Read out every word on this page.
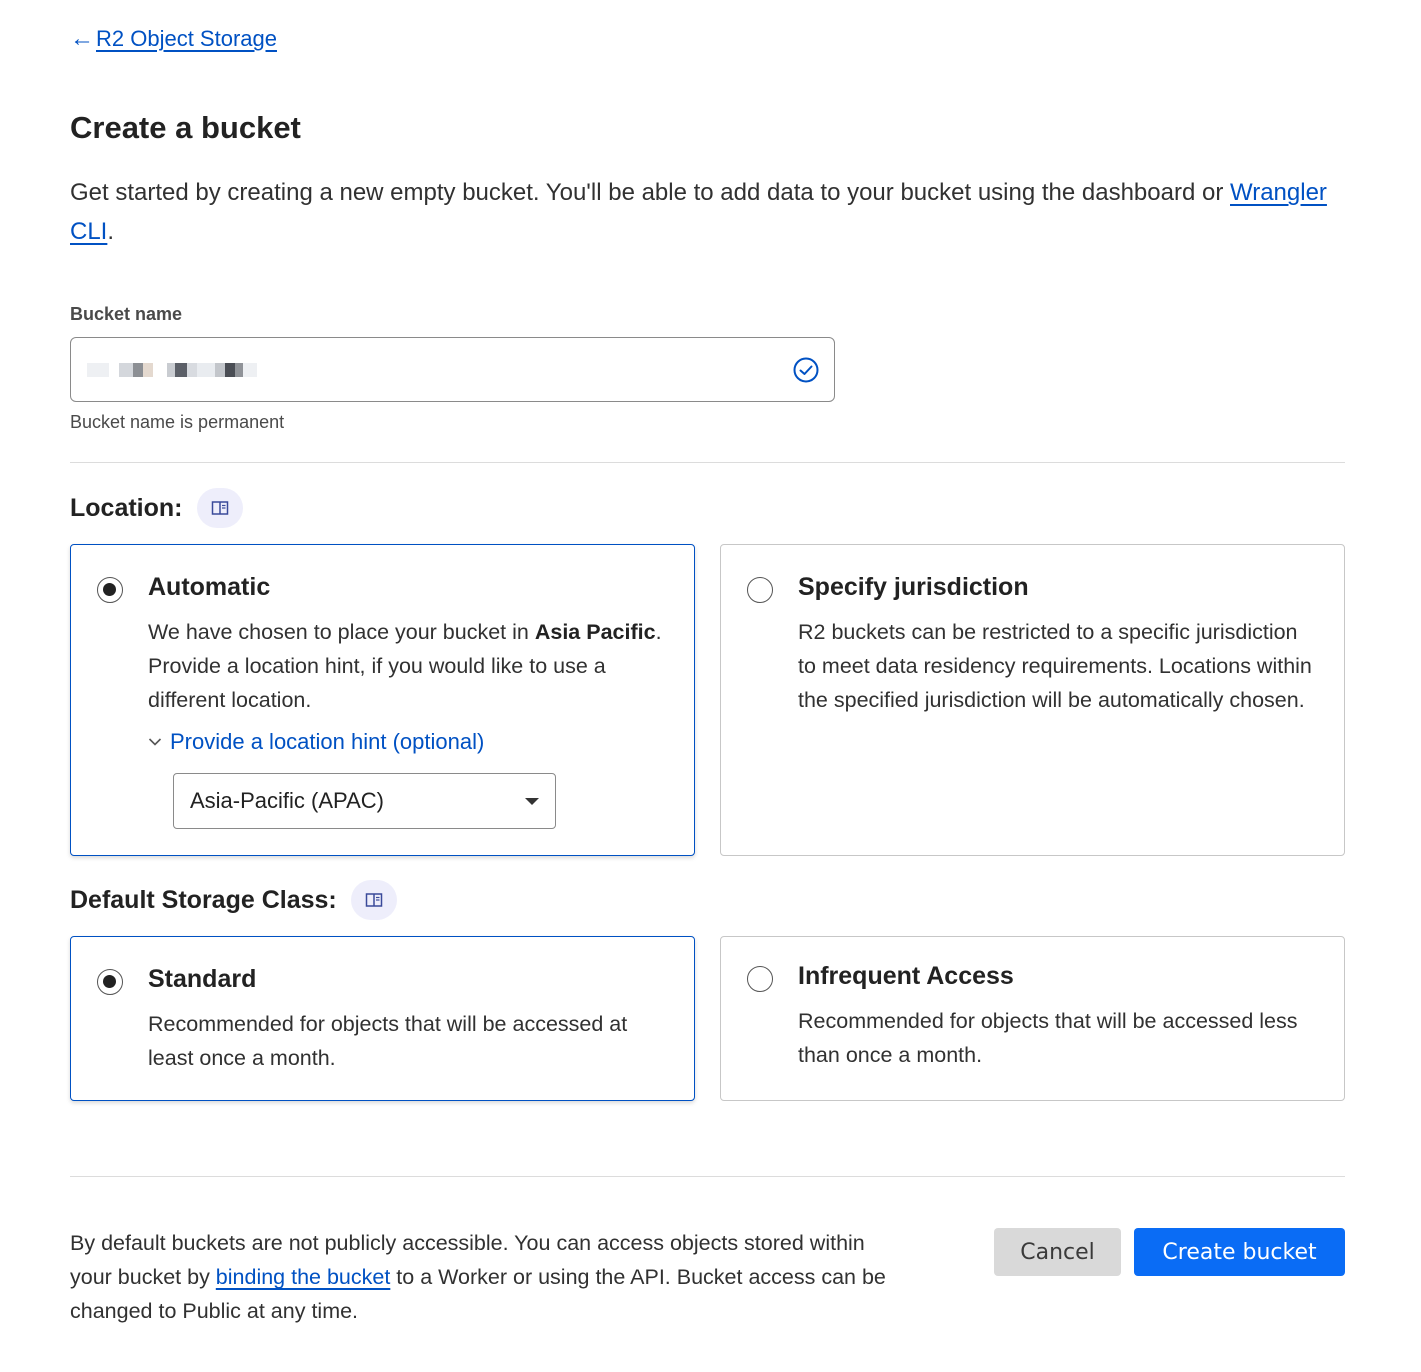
← R2 Object Storage
Create a bucket

Get started by creating a new empty bucket. You'll be able to add data to your bucket using the dashboard or Wrangler CLI.

Bucket name
Bucket name is permanent
Location:
Automatic
We have chosen to place your bucket in Asia Pacific. Provide a location hint, if you would like to use a different location.
Provide a location hint (optional)
Asia-Pacific (APAC)
Specify jurisdiction
R2 buckets can be restricted to a specific jurisdiction to meet data residency requirements. Locations within the specified jurisdiction will be automatically chosen.
Default Storage Class:
Standard
Recommended for objects that will be accessed at least once a month.
Infrequent Access
Recommended for objects that will be accessed less than once a month.

By default buckets are not publicly accessible. You can access objects stored within your bucket by binding the bucket to a Worker or using the API. Bucket access can be changed to Public at any time.

Cancel	Create bucket
